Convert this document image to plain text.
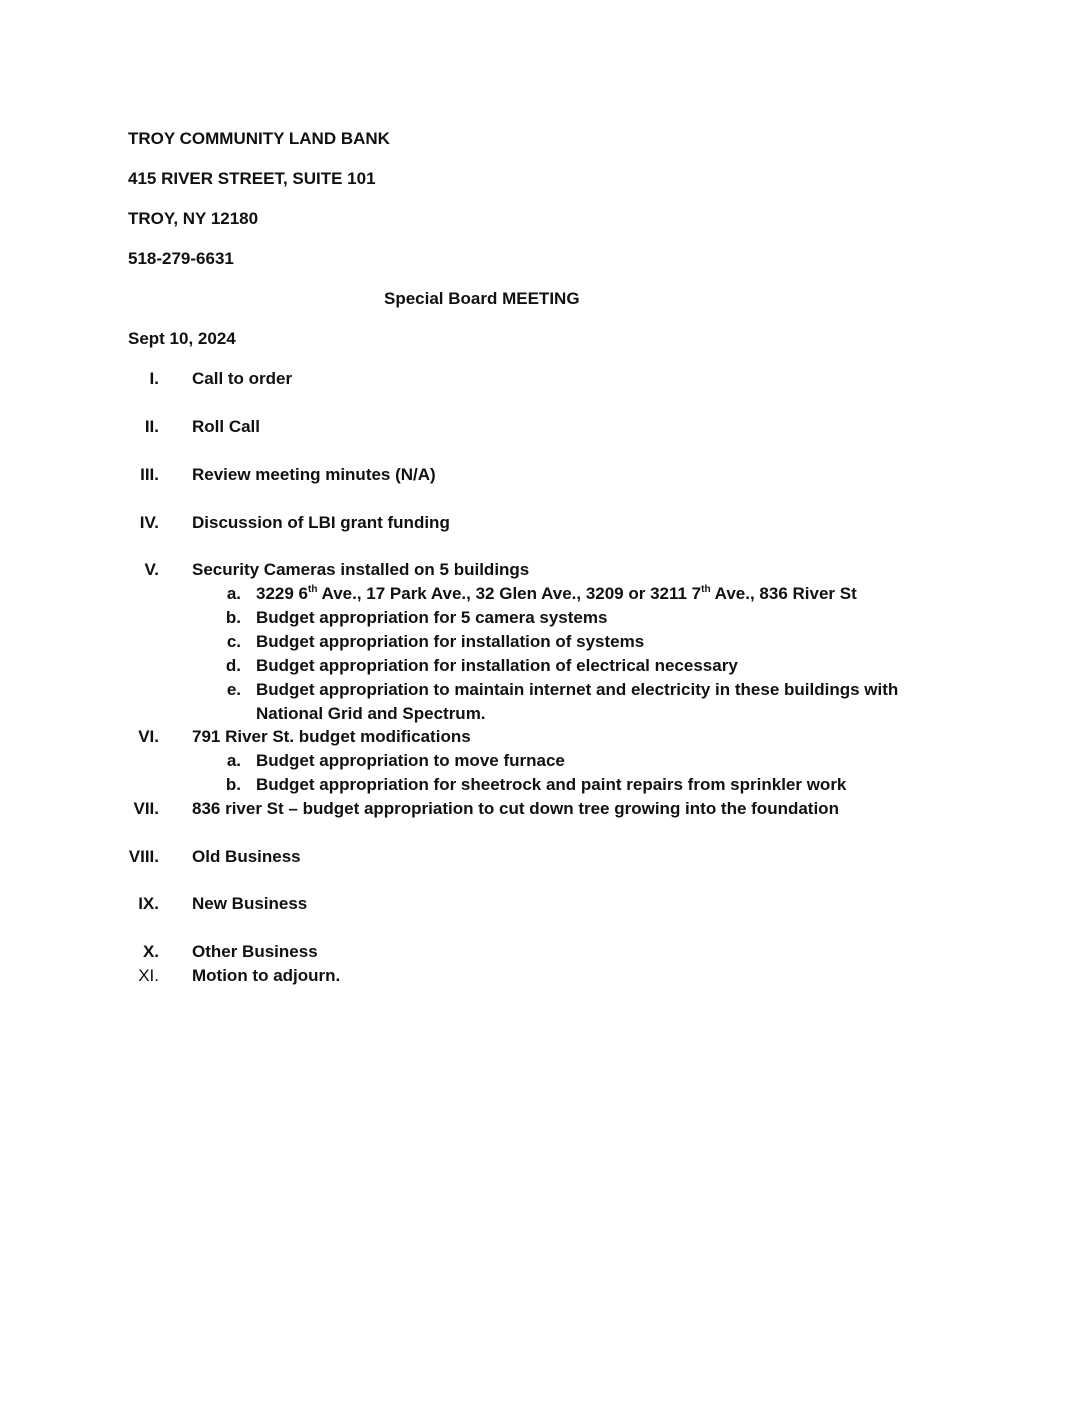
TROY COMMUNITY LAND BANK
415 RIVER STREET, SUITE 101
TROY, NY 12180
518-279-6631
Special Board MEETING
Sept 10, 2024
I. Call to order
II. Roll Call
III. Review meeting minutes (N/A)
IV. Discussion of LBI grant funding
V. Security Cameras installed on 5 buildings
a. 3229 6th Ave., 17 Park Ave., 32 Glen Ave., 3209 or 3211 7th Ave., 836 River St
b. Budget appropriation for 5 camera systems
c. Budget appropriation for installation of systems
d. Budget appropriation for installation of electrical necessary
e. Budget appropriation to maintain internet and electricity in these buildings with
National Grid and Spectrum.
VI. 791 River St. budget modifications
a. Budget appropriation to move furnace
b. Budget appropriation for sheetrock and paint repairs from sprinkler work
VII. 836 river St – budget appropriation to cut down tree growing into the foundation
VIII. Old Business
IX. New Business
X. Other Business
XI. Motion to adjourn.
